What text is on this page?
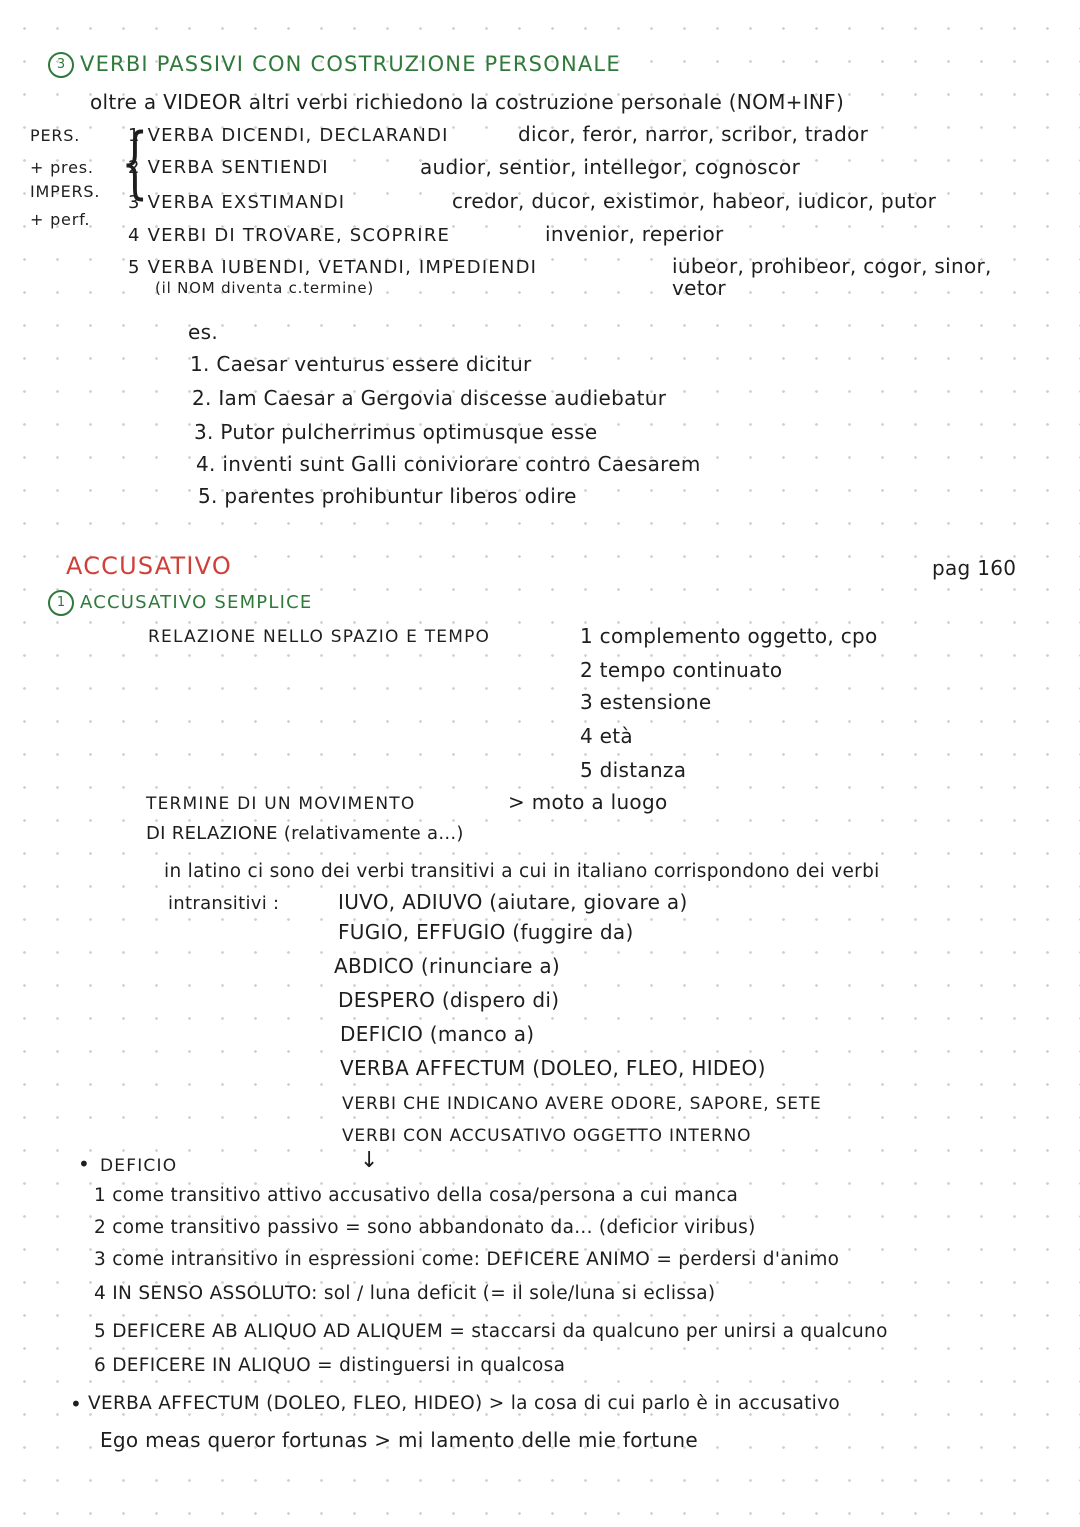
3 VERBI PASSIVI CON COSTRUZIONE PERSONALE
oltre a VIDEOR altri verbi richiedono la costruzione personale (NOM+INF)
PERS.
+ pres.
IMPERS.
+ perf.
{
1 VERBA DICENDI, DECLARANDI	dicor, feror, narror, scribor, trador
2 VERBA SENTIENDI	audior, sentior, intellegor, cognoscor
3 VERBA EXSTIMANDI	credor, ducor, existimor, habeor, iudicor, putor
4 VERBI DI TROVARE, SCOPRIRE	invenior, reperior
5 VERBA IUBENDI, VETANDI, IMPEDIENDI	iubeor, prohibeor, cogor, sinor,
vetor
(il NOM diventa c.termine)
es.
1. Caesar venturus essere dicitur
2. Iam Caesar a Gergovia discesse audiebatur
3. Putor pulcherrimus optimusque esse
4. inventi sunt Galli coniviorare contro Caesarem
5. parentes prohibuntur liberos odire
ACCUSATIVO	pag 160
1 ACCUSATIVO SEMPLICE
RELAZIONE NELLO SPAZIO E TEMPO	1 complemento oggetto, cpo
2 tempo continuato
3 estensione
4 età
5 distanza
TERMINE DI UN MOVIMENTO	> moto a luogo
DI RELAZIONE (relativamente a...)
in latino ci sono dei verbi transitivi a cui in italiano corrispondono dei verbi
intransitivi :	IUVO, ADIUVO (aiutare, giovare a)
FUGIO, EFFUGIO (fuggire da)
ABDICO (rinunciare a)
DESPERO (dispero di)
DEFICIO (manco a)
VERBA AFFECTUM (DOLEO, FLEO, HIDEO)
VERBI CHE INDICANO AVERE ODORE, SAPORE, SETE
VERBI CON ACCUSATIVO OGGETTO INTERNO
• DEFICIO	↓
1 come transitivo attivo accusativo della cosa/persona a cui manca
2 come transitivo passivo = sono abbandonato da... (deficior viribus)
3 come intransitivo in espressioni come: DEFICERE ANIMO = perdersi d'animo
4 IN SENSO ASSOLUTO: sol / luna deficit (= il sole/luna si eclissa)
5 DEFICERE AB ALIQUO AD ALIQUEM = staccarsi da qualcuno per unirsi a qualcuno
6 DEFICERE IN ALIQUO = distinguersi in qualcosa
• VERBA AFFECTUM (DOLEO, FLEO, HIDEO) > la cosa di cui parlo è in accusativo
Ego meas queror fortunas > mi lamento delle mie fortune
